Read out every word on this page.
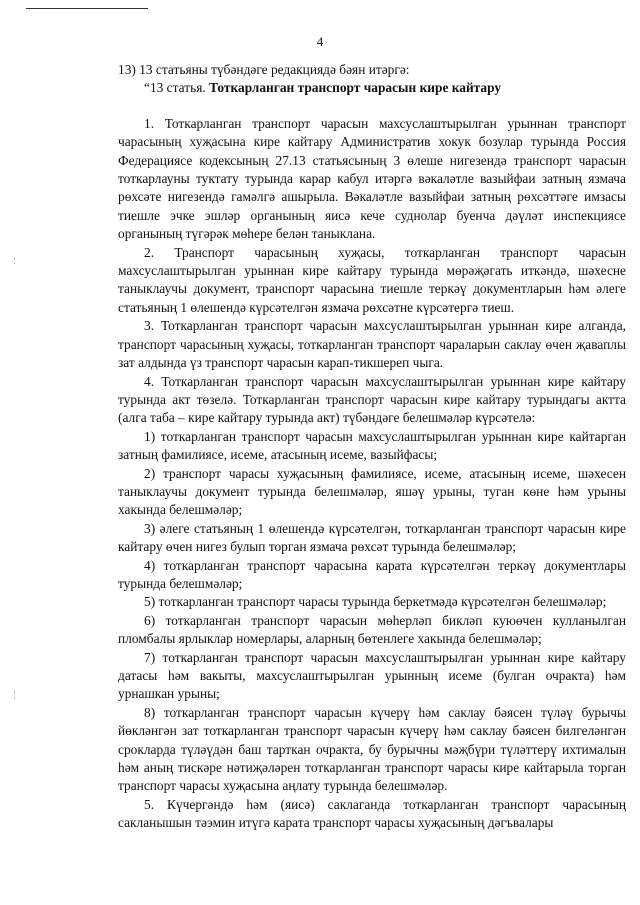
4

13) 13 статьяны түбәндәге редакциядә бәян итәргә:

“13 статья. Тоткарланган транспорт чарасын кире кайтару

1. Тоткарланган транспорт чарасын махсуслаштырылган урыннан транспорт чарасының хуҗасына кире кайтару Административ хокук бозулар турында Россия Федерациясе кодексының 27.13 статьясының 3 өлеше нигезендә транспорт чарасын тоткарлауны туктату турында карар кабул итәргә вәкаләтле вазыйфаи затның язмача рөхсәте нигезендә гамәлгә ашырыла. Вәкаләтле вазыйфаи затның рөхсәттәге имзасы тиешле эчке эшләр органының яисә кече суднолар буенча дәүләт инспекциясе органының түгәрәк мөһере белән таныклана.

2. Транспорт чарасының хуҗасы, тоткарланган транспорт чарасын махсуслаштырылган урыннан кире кайтару турында мөрәҗәгать иткәндә, шәхесне таныклаучы документ, транспорт чарасына тиешле теркәү документларын һәм әлеге статьяның 1 өлешендә күрсәтелгән язмача рөхсәтне күрсәтергә тиеш.

3. Тоткарланган транспорт чарасын махсуслаштырылган урыннан кире алганда, транспорт чарасының хуҗасы, тоткарланган транспорт чараларын саклау өчен җаваплы зат алдында үз транспорт чарасын карап-тикшереп чыга.

4. Тоткарланган транспорт чарасын махсуслаштырылган урыннан кире кайтару турында акт төзелә. Тоткарланган транспорт чарасын кире кайтару турындагы актта (алга таба – кире кайтару турында акт) түбәндәге белешмәләр күрсәтелә:

1) тоткарланган транспорт чарасын махсуслаштырылган урыннан кире кайтарган затның фамилиясе, исеме, атасының исеме, вазыйфасы;

2) транспорт чарасы хуҗасының фамилиясе, исеме, атасының исеме, шәхесен таныклаучы документ турында белешмәләр, яшәү урыны, туган көне һәм урыны хакында белешмәләр;

3) әлеге статьяның 1 өлешендә күрсәтелгән, тоткарланган транспорт чарасын кире кайтару өчен нигез булып торган язмача рөхсәт турында белешмәләр;

4) тоткарланган транспорт чарасына карата күрсәтелгән теркәү документлары турында белешмәләр;

5) тоткарланган транспорт чарасы турында беркетмәдә күрсәтелгән белешмәләр;

6) тоткарланган транспорт чарасын мөһерләп бикләп куюөчен кулланылган пломбалы ярлыклар номерлары, аларның бөтенлеге хакында белешмәләр;

7) тоткарланган транспорт чарасын махсуслаштырылган урыннан кире кайтару датасы һәм вакыты, махсуслаштырылган урынның исеме (булган очракта) һәм урнашкан урыны;

8) тоткарланган транспорт чарасын күчерү һәм саклау бәясен түләү бурычы йөкләнгән зат тоткарланган транспорт чарасын күчерү һәм саклау бәясен билгеләнгән срокларда түләүдән баш тарткан очракта, бу бурычны мәҗбүри түләттерү ихтималын һәм аның тискәре нәтиҗәләрен тоткарланган транспорт чарасы кире кайтарыла торган транспорт чарасы хуҗасына аңлату турында белешмәләр.

5. Күчергәндә һәм (яисә) саклаганда тоткарланган транспорт чарасының сакланышын тәэмин итүгә карата транспорт чарасы хуҗасының дәгъвалары
